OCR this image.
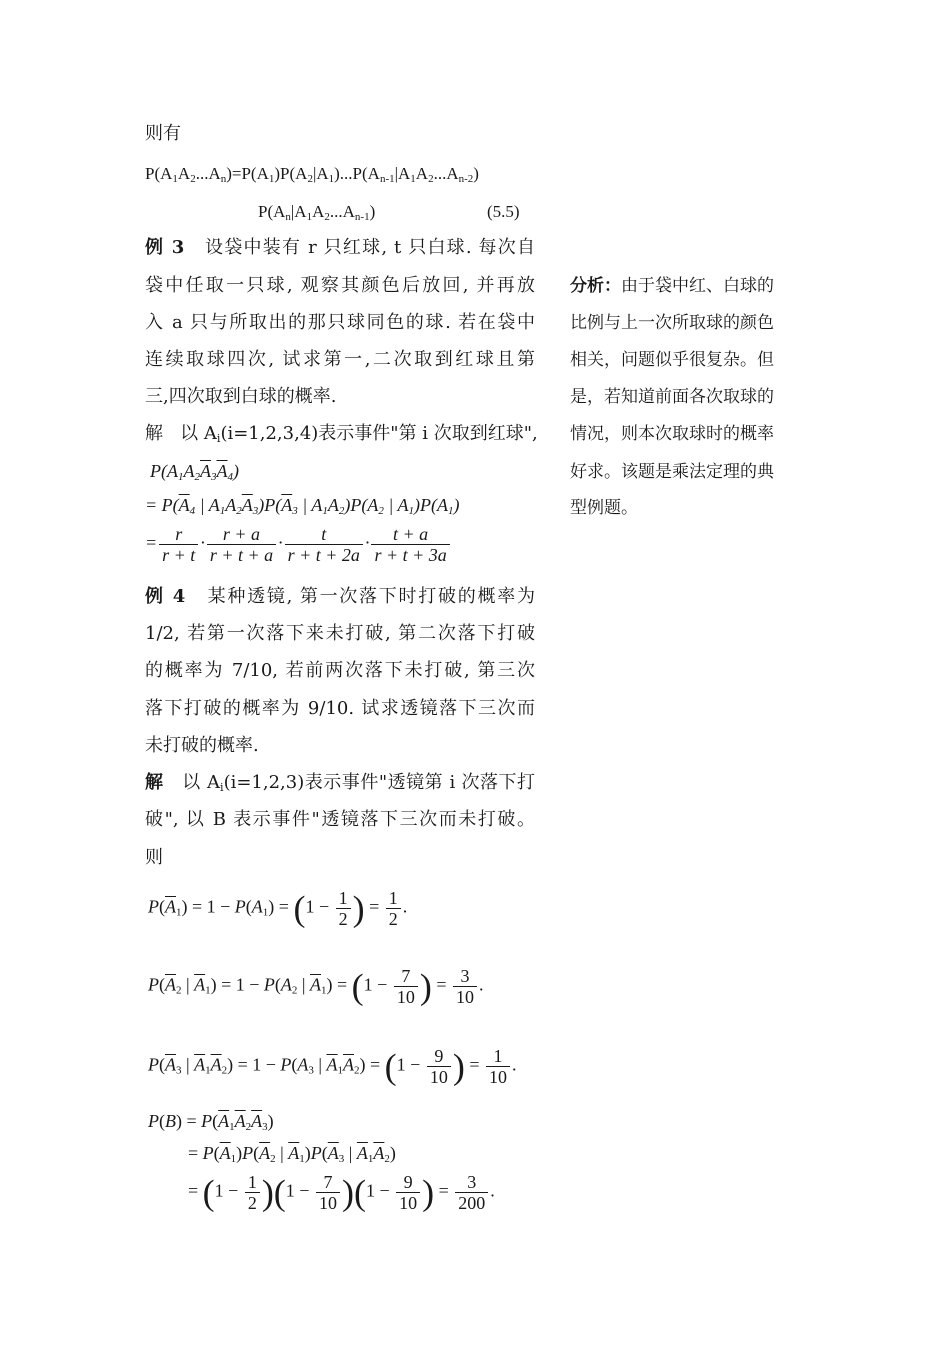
则有
$P(A_1A_2...A_n)=P(A_1)P(A_2|A_1)...P(A_{n-1}|A_1A_2...A_{n-2})$
$P(A_n|A_1A_2...A_{n-1})$	(5.5)
例 3 设袋中装有 r 只红球, t 只白球. 每次自
袋中任取一只球, 观察其颜色后放回, 并再放
入 a 只与所取出的那只球同色的球. 若在袋中
连续取球四次, 试求第一,二次取到红球且第
三,四次取到白球的概率.
解 以 $A_i(i=1,2,3,4)$表示事件"第 i 次取到红球",
$P(A_1A_2\overline{A}_3\overline{A}_4)$
= $P(\overline{A}_4$ | $A_1A_2\overline{A}_3)P(\overline{A}_3$ | $A_1A_2)P(A_2$ | $A_1)P(A_1)$
= $\frac{r}{r + t} \cdot \frac{r + a}{r + t + a} \cdot \frac{t}{r + t + 2a} \cdot \frac{t + a}{r + t + 3a}$
分析：由于袋中红、白球的
比例与上一次所取球的颜色
相关，问题似乎很复杂。但
是，若知道前面各次取球的
情况，则本次取球时的概率
好求。该题是乘法定理的典
型例题。
例 4 某种透镜, 第一次落下时打破的概率为
1/2, 若第一次落下来未打破, 第二次落下打破
的概率为 7/10, 若前两次落下未打破, 第三次
落下打破的概率为 9/10. 试求透镜落下三次而
未打破的概率.
解 以 $A_i(i=1,2,3)$表示事件"透镜第 i 次落下打
破", 以 B 表示事件"透镜落下三次而未打破。
则
$P(\overline{A}_1) = 1 - P(A_1) = (1 - \frac{1}{2}$ ) = $\frac{1}{2}$ .
$P(\overline{A}_2$ | $\overline{A}_1) = 1 - P(A_2$ | $\overline{A}_1) = (1 - \frac{7}{10}$ ) = $\frac{3}{10}$ .
$P(\overline{A}_3$ | $\overline{A}_1\overline{A}_2) = 1 - P(A_3$ | $\overline{A}_1\overline{A}_2) = (1 - \frac{9}{10}$ ) = $\frac{1}{10}$ .
$P(B) = P(\overline{A}_1\overline{A}_2\overline{A}_3)$
= $P(\overline{A}_1)P(\overline{A}_2$ | $\overline{A}_1)P(\overline{A}_3$ | $\overline{A}_1\overline{A}_2$)
= $(1 - \frac{1}{2} )(1 - \frac{7}{10} )(1 - \frac{9}{10}$ ) = $\frac{3}{200}$ .
